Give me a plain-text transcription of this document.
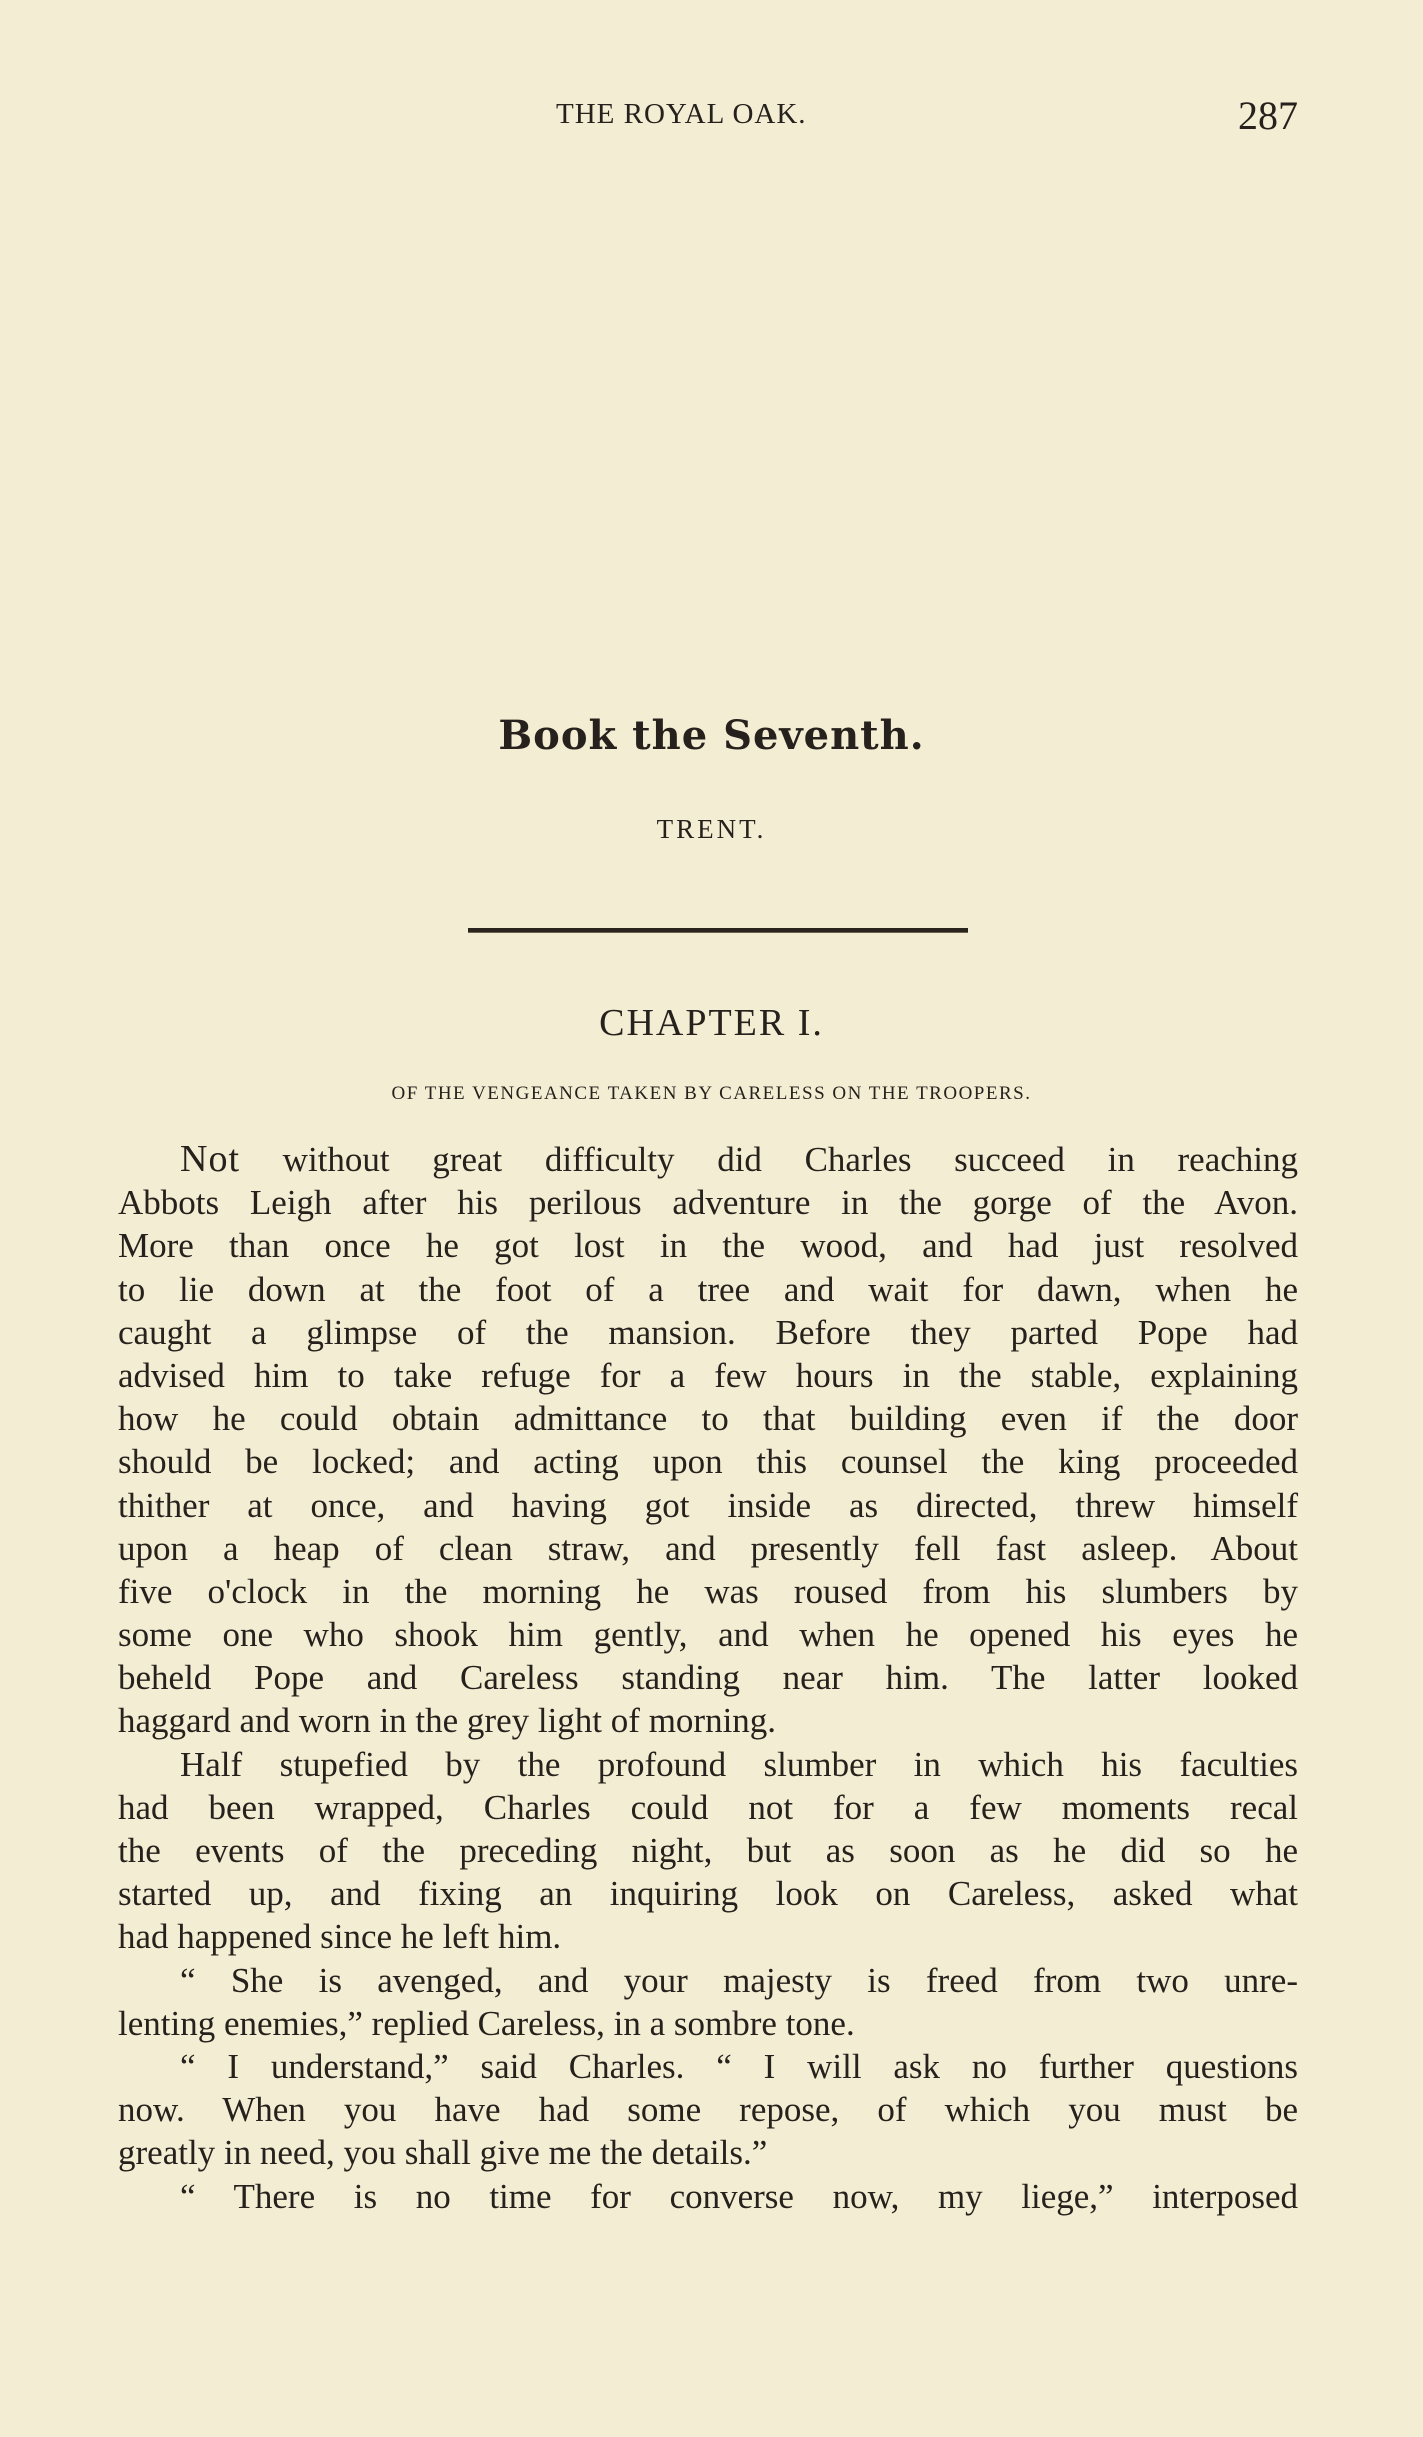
THE ROYAL OAK.	287
Book the Seventh.
TRENT.
CHAPTER I.
OF THE VENGEANCE TAKEN BY CARELESS ON THE TROOPERS.
Not without great difficulty did Charles succeed in reaching
Abbots Leigh after his perilous adventure in the gorge of the Avon.
More than once he got lost in the wood, and had just resolved
to lie down at the foot of a tree and wait for dawn, when he
caught a glimpse of the mansion. Before they parted Pope had
advised him to take refuge for a few hours in the stable, explaining
how he could obtain admittance to that building even if the door
should be locked; and acting upon this counsel the king proceeded
thither at once, and having got inside as directed, threw himself
upon a heap of clean straw, and presently fell fast asleep. About
five o'clock in the morning he was roused from his slumbers by
some one who shook him gently, and when he opened his eyes he
beheld Pope and Careless standing near him. The latter looked
haggard and worn in the grey light of morning.
Half stupefied by the profound slumber in which his faculties
had been wrapped, Charles could not for a few moments recal
the events of the preceding night, but as soon as he did so he
started up, and fixing an inquiring look on Careless, asked what
had happened since he left him.
“ She is avenged, and your majesty is freed from two unre-
lenting enemies,” replied Careless, in a sombre tone.
“ I understand,” said Charles. “ I will ask no further questions
now. When you have had some repose, of which you must be
greatly in need, you shall give me the details.”
“ There is no time for converse now, my liege,” interposed
